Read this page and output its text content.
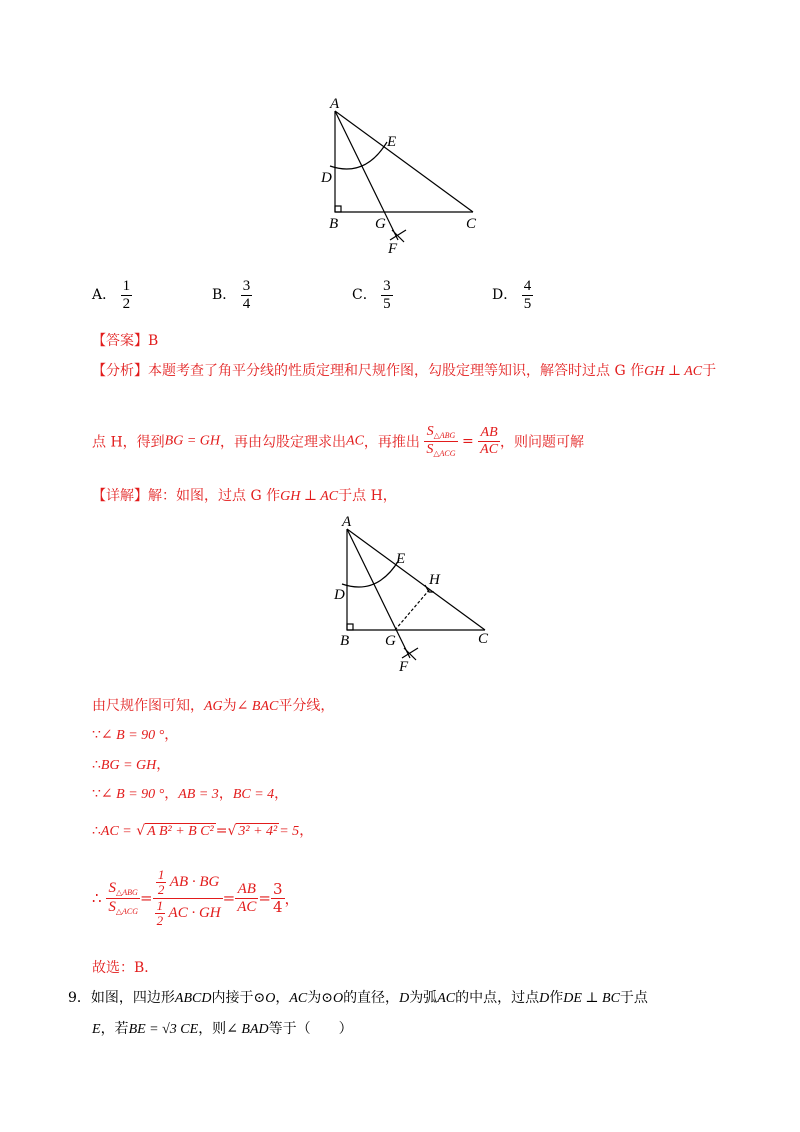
A
E
D
B G	C
F
A． $\frac{1}{2}$	B． $\frac{3}{4}$	C． $\frac{3}{5}$	D． $\frac{4}{5}$
【答案】B
【分析】本题考查了角平分线的性质定理和尺规作图，勾股定理等知识，解答时过点 G 作GH ⊥ AC于
点 H，得到BG = GH，再由勾股定理求出AC，再推出 $\frac{S_{\triangle ABG}}{S_{\triangle ACG}} = \frac{AB}{AC}$ ，则问题可解
【详解】解：如图，过点 G 作GH ⊥ AC于点 H，
A
E
H
D
B G	C
F
由尺规作图可知，AG为∠ BAC平分线，
∵∠ B = 90 °，
∴BG = GH，
∵∠ B = 90 °，AB = 3，BC = 4，
∴AC = √ A B² + B C² =√ 3² + 4² = 5，
∴ $\frac{S_{\triangle ABG}}{S_{\triangle ACG}} = \frac{\frac{1}{2} AB \cdot BG}{\frac{1}{2} AC \cdot GH} = \frac{AB}{AC} = \frac{3}{4}$ ，
故选：B．
9．如图，四边形ABCD内接于⊙O，AC为⊙O的直径，D为弧AC的中点，过点D作DE ⊥ BC于点
E，若BE = √3 CE，则∠ BAD等于（　　）
